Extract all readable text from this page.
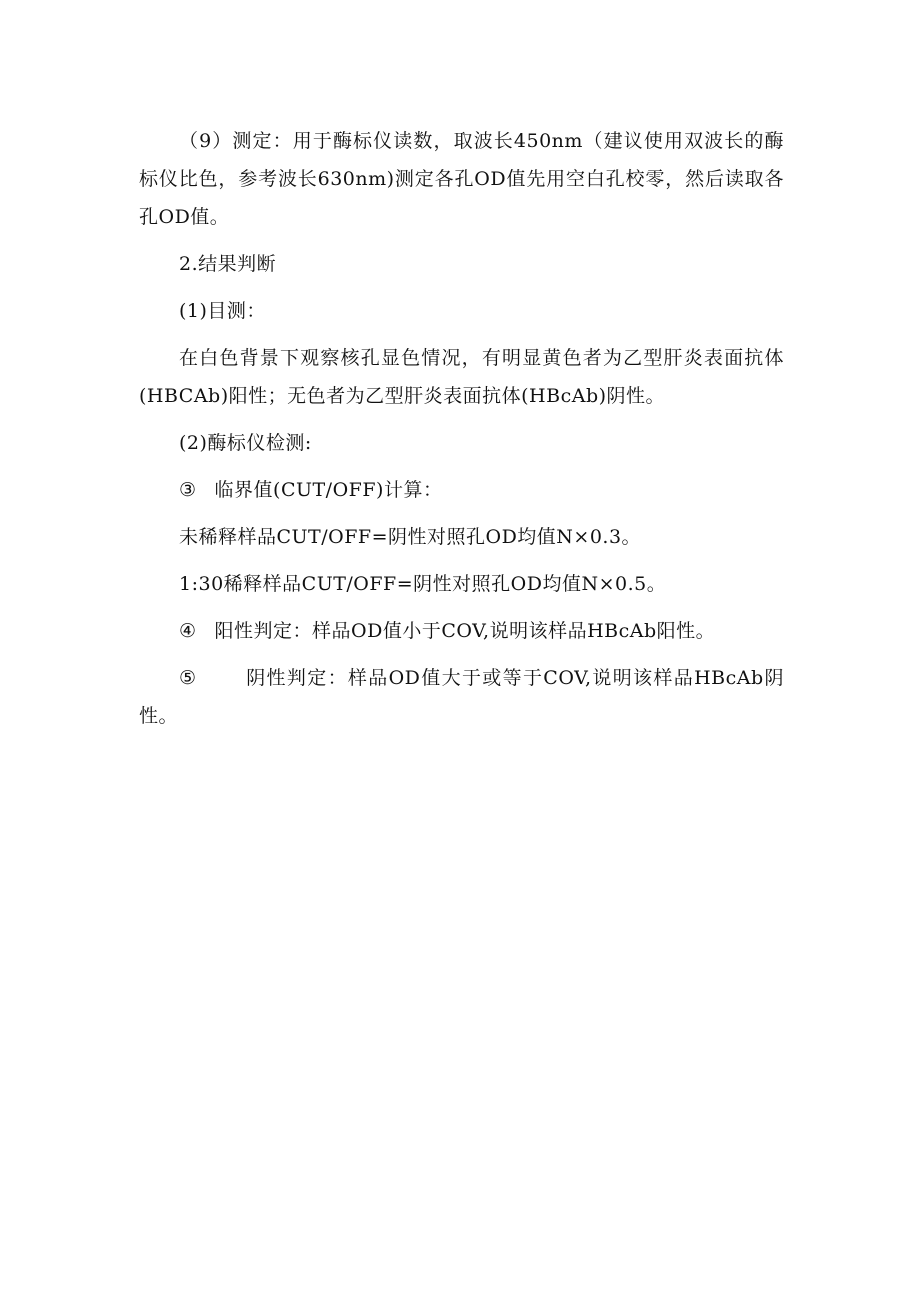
（9）测定：用于酶标仪读数，取波长450nm（建议使用双波长的酶标仪比色，参考波长630nm)测定各孔OD值先用空白孔校零，然后读取各孔OD值。

2.结果判断

(1)目测：

在白色背景下观察核孔显色情况，有明显黄色者为乙型肝炎表面抗体(HBCAb)阳性；无色者为乙型肝炎表面抗体(HBcAb)阴性。

(2)酶标仪检测:

③ 临界值(CUT/OFF)计算：

未稀释样品CUT/OFF=阴性对照孔OD均值N×0.3。

1:30稀释样品CUT/OFF=阴性对照孔OD均值N×0.5。

④ 阳性判定：样品OD值小于COV,说明该样品HBcAb阳性。

⑤	阴性判定：样品OD值大于或等于COV,说明该样品HBcAb阴性。
